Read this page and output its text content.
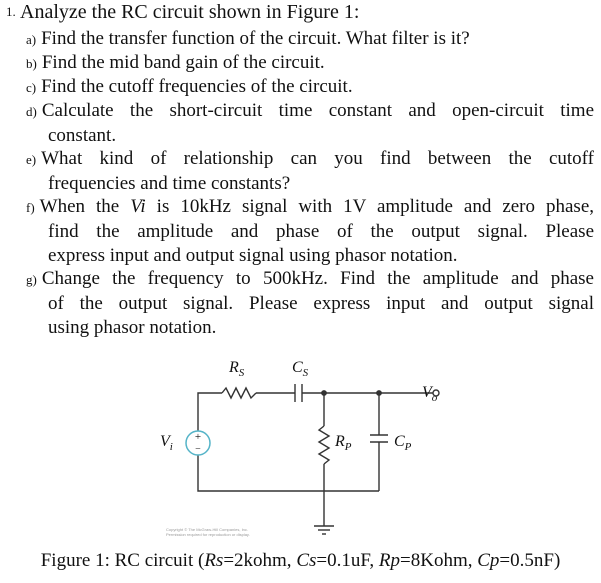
1. Analyze the RC circuit shown in Figure 1:
a) Find the transfer function of the circuit. What filter is it?
b) Find the mid band gain of the circuit.
c) Find the cutoff frequencies of the circuit.
d) Calculate the short-circuit time constant and open-circuit time
constant.
e) What kind of relationship can you find between the cutoff
frequencies and time constants?
f) When the Vi is 10kHz signal with 1V amplitude and zero phase,
find the amplitude and phase of the output signal. Please
express input and output signal using phasor notation.
g) Change the frequency to 500kHz. Find the amplitude and phase
of the output signal. Please express input and output signal
using phasor notation.
+
−
$R_S$	$C_S$
$R_P$	$C_P$
$V_i$
$V_o$
Copyright © The McGraw-Hill Companies, Inc.
Permission required for reproduction or display.
Figure 1: RC circuit (Rs=2kohm, Cs=0.1uF, Rp=8Kohm, Cp=0.5nF)
